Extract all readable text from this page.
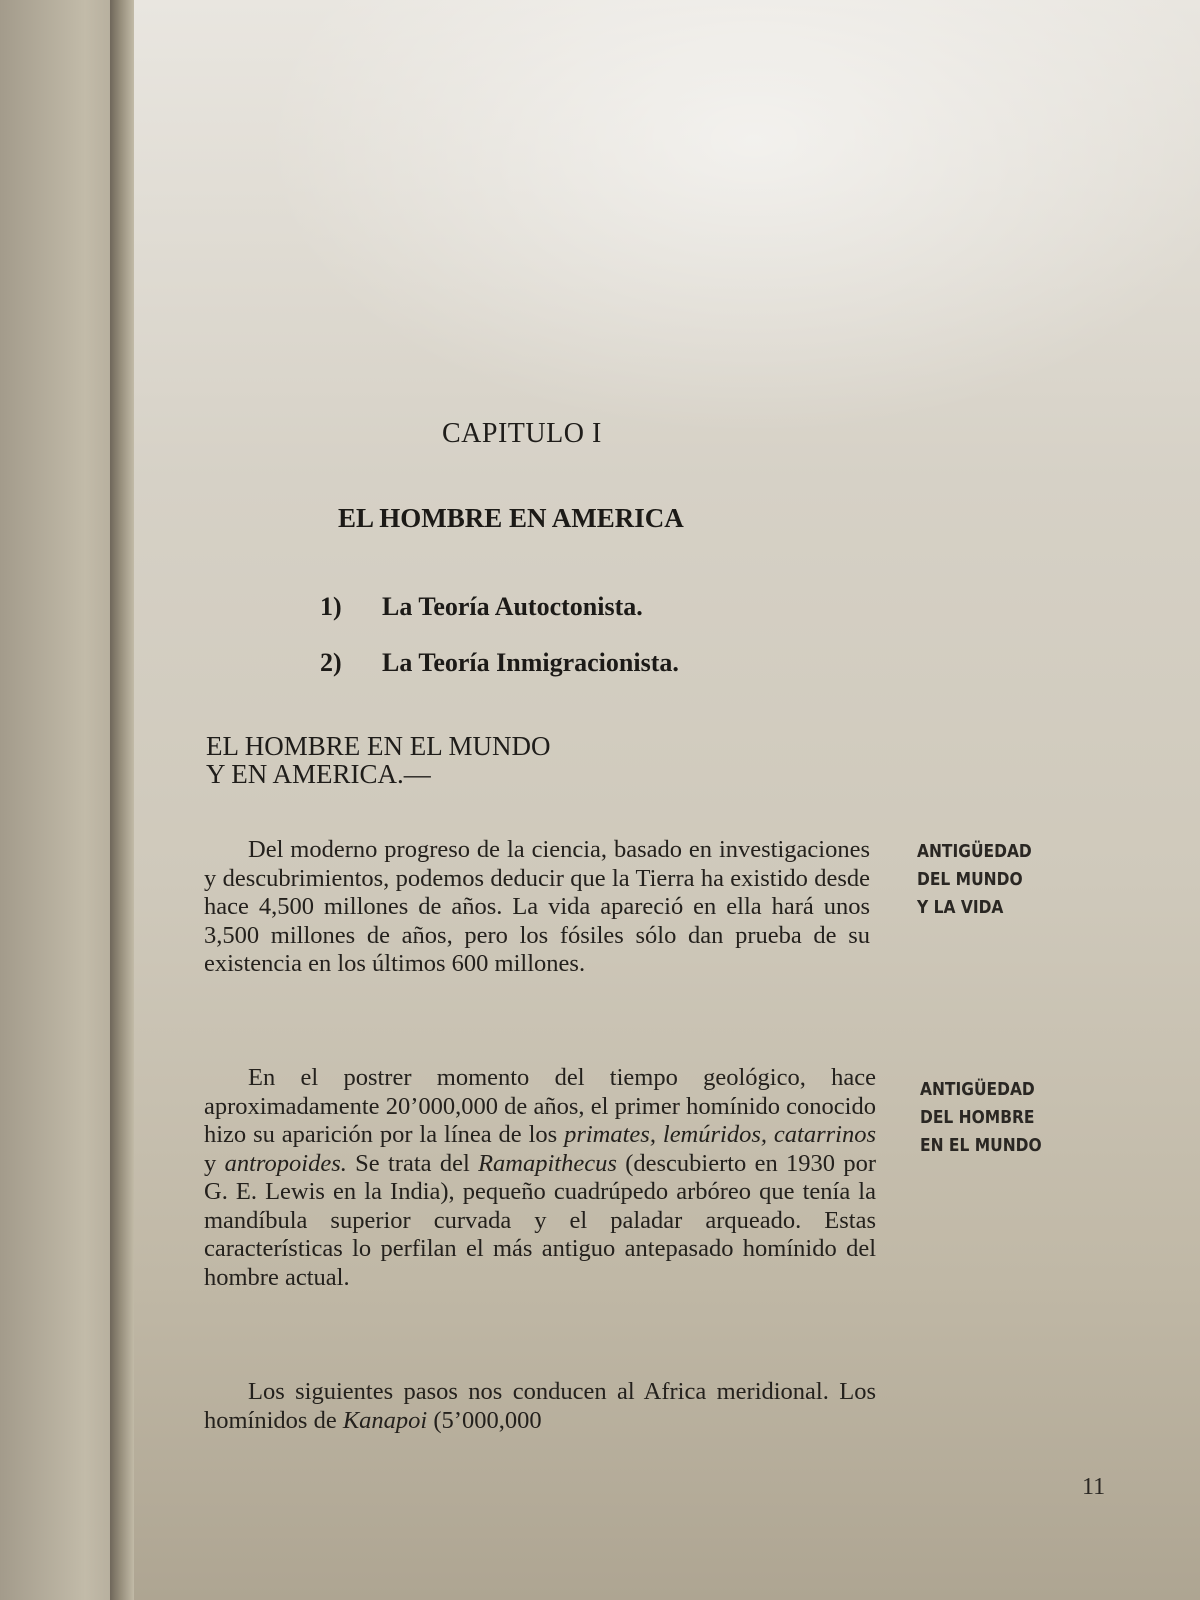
CAPITULO I
EL HOMBRE EN AMERICA

1) La Teoría Autoctonista.

2) La Teoría Inmigracionista.

EL HOMBRE EN EL MUNDO
Y EN AMERICA.—

Del moderno progreso de la ciencia, basado en investigaciones y descubrimientos, podemos deducir que la Tierra ha existido desde hace 4,500 millones de años. La vida apareció en ella hará unos 3,500 millones de años, pero los fósiles sólo dan prueba de su existencia en los últimos 600 millones.

En el postrer momento del tiempo geológico, hace aproximadamente 20’000,000 de años, el primer homínido conocido hizo su aparición por la línea de los primates, lemúridos, catarrinos y antropoides. Se trata del Ramapithecus (descubierto en 1930 por G. E. Lewis en la India), pequeño cuadrúpedo arbóreo que tenía la mandíbula superior curvada y el paladar arqueado. Estas características lo perfilan el más antiguo antepasado homínido del hombre actual.

Los siguientes pasos nos conducen al Africa meridional. Los homínidos de Kanapoi (5’000,000

ANTIGÜEDAD
DEL MUNDO
Y LA VIDA

ANTIGÜEDAD
DEL HOMBRE
EN EL MUNDO

11
